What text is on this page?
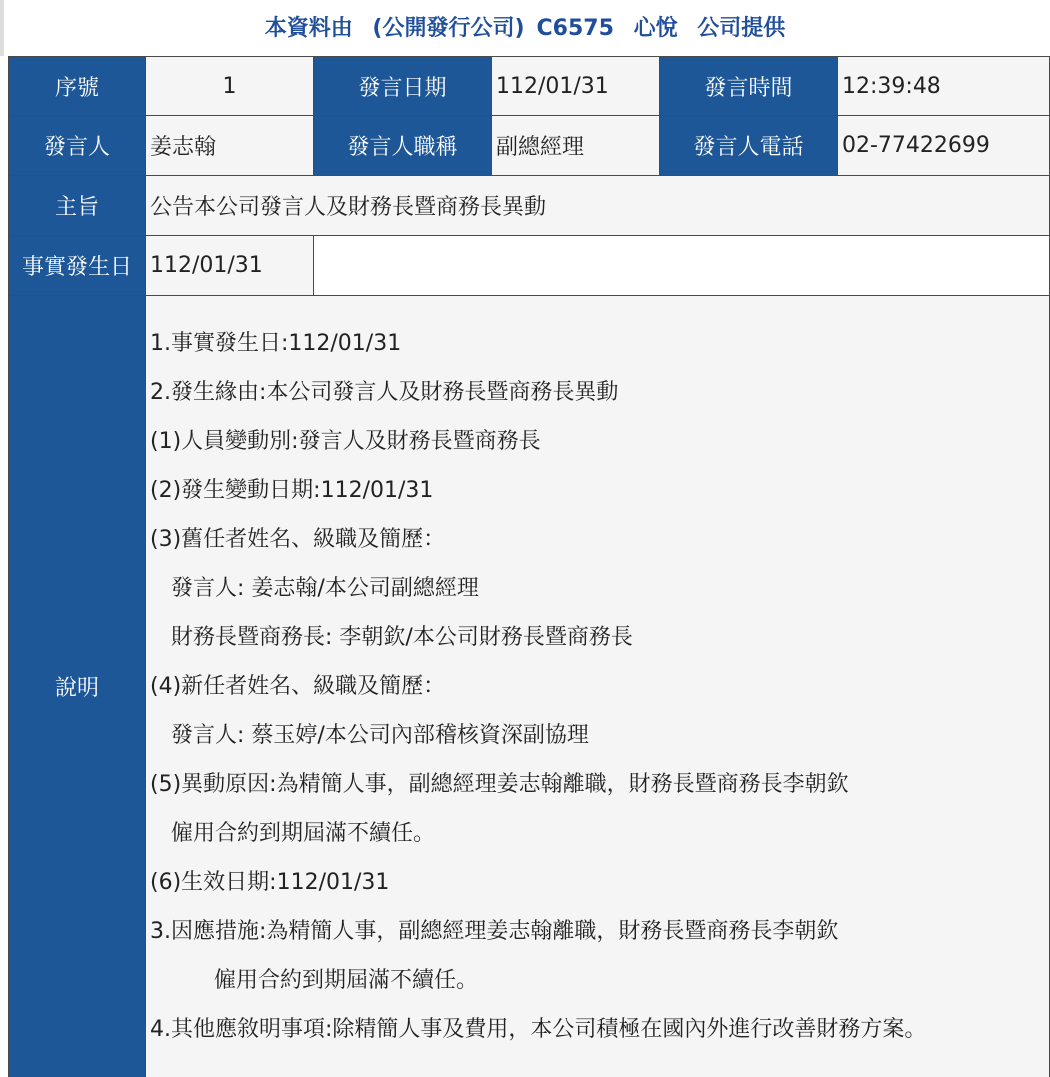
本資料由 (公開發行公司) C6575 心悅 公司提供
序號	1	發言日期	112/01/31	發言時間	12:39:48
發言人	姜志翰	發言人職稱	副總經理	發言人電話	02-77422699
主旨	公告本公司發言人及財務長暨商務長異動
事實發生日 112/01/31
說明
1.事實發生日:112/01/31
2.發生緣由:本公司發言人及財務長暨商務長異動
(1)人員變動別:發言人及財務長暨商務長
(2)發生變動日期:112/01/31
(3)舊任者姓名、級職及簡歷：
發言人: 姜志翰/本公司副總經理
財務長暨商務長: 李朝欽/本公司財務長暨商務長
(4)新任者姓名、級職及簡歷：
發言人: 蔡玉婷/本公司內部稽核資深副協理
(5)異動原因:為精簡人事，副總經理姜志翰離職，財務長暨商務長李朝欽
僱用合約到期屆滿不續任。
(6)生效日期:112/01/31
3.因應措施:為精簡人事，副總經理姜志翰離職，財務長暨商務長李朝欽
僱用合約到期屆滿不續任。
4.其他應敘明事項:除精簡人事及費用，本公司積極在國內外進行改善財務方案。
